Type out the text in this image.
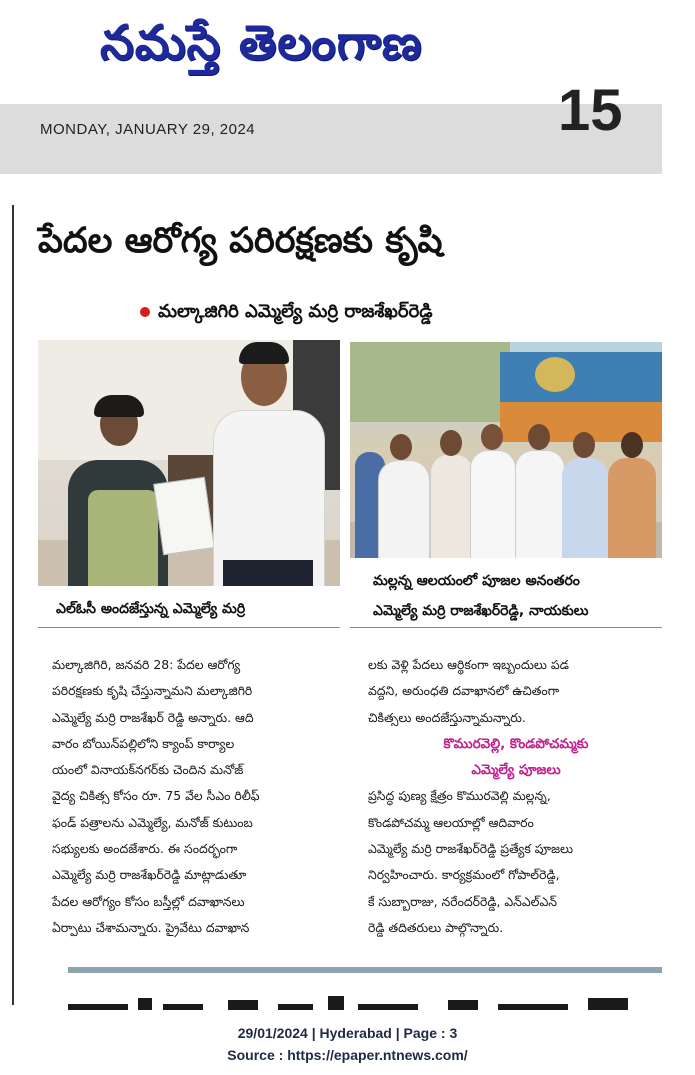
నమస్తే తెలంగాణ
MONDAY, JANUARY 29, 2024	15
పేదల ఆరోగ్య పరిరక్షణకు కృషి
మల్కాజిగిరి ఎమ్మెల్యే మర్రి రాజశేఖర్‌రెడ్డి
ఎల్‌ఓసీ అందజేస్తున్న ఎమ్మెల్యే మర్రి
మల్లన్న ఆలయంలో పూజల అనంతరం
ఎమ్మెల్యే మర్రి రాజశేఖర్‌రెడ్డి, నాయకులు
మల్కాజిగిరి, జనవరి 28: పేదల ఆరోగ్య
పరిరక్షణకు కృషి చేస్తున్నామని మల్కాజిగిరి
ఎమ్మెల్యే మర్రి రాజశేఖర్ రెడ్డి అన్నారు. ఆది
వారం బోయిన్‌పల్లిలోని క్యాంప్ కార్యాల
యంలో వినాయక్‌నగర్‌కు చెందిన మనోజ్
వైద్య చికిత్స కోసం రూ. 75 వేల సీఎం రిలీఫ్
ఫండ్ పత్రాలను ఎమ్మెల్యే, మనోజ్ కుటుంబ
సభ్యులకు అందజేశారు. ఈ సందర్భంగా
ఎమ్మెల్యే మర్రి రాజశేఖర్‌రెడ్డి మాట్లాడుతూ
పేదల ఆరోగ్యం కోసం బస్తీల్లో దవాఖానలు
ఏర్పాటు చేశామన్నారు. ప్రైవేటు దవాఖాన
లకు వెళ్లి పేదలు ఆర్థికంగా ఇబ్బందులు పడ
వద్దని, అరుంధతి దవాఖానలో ఉచితంగా
చికిత్సలు అందజేస్తున్నామన్నారు.
కొమురవెల్లి, కొండపోచమ్మకు
ఎమ్మెల్యే పూజలు
ప్రసిద్ధ పుణ్య క్షేత్రం కొమురవెల్లి మల్లన్న,
కొండపోచమ్మ ఆలయాల్లో ఆదివారం
ఎమ్మెల్యే మర్రి రాజశేఖర్‌రెడ్డి ప్రత్యేక పూజలు
నిర్వహించారు. కార్యక్రమంలో గోపాల్‌రెడ్డి,
కే సుబ్బారాజు, నరేందర్‌రెడ్డి, ఎన్‌ఎల్‌ఎన్
రెడ్డి తదితరులు పాల్గొన్నారు.
29/01/2024 | Hyderabad | Page : 3
Source : https://epaper.ntnews.com/
